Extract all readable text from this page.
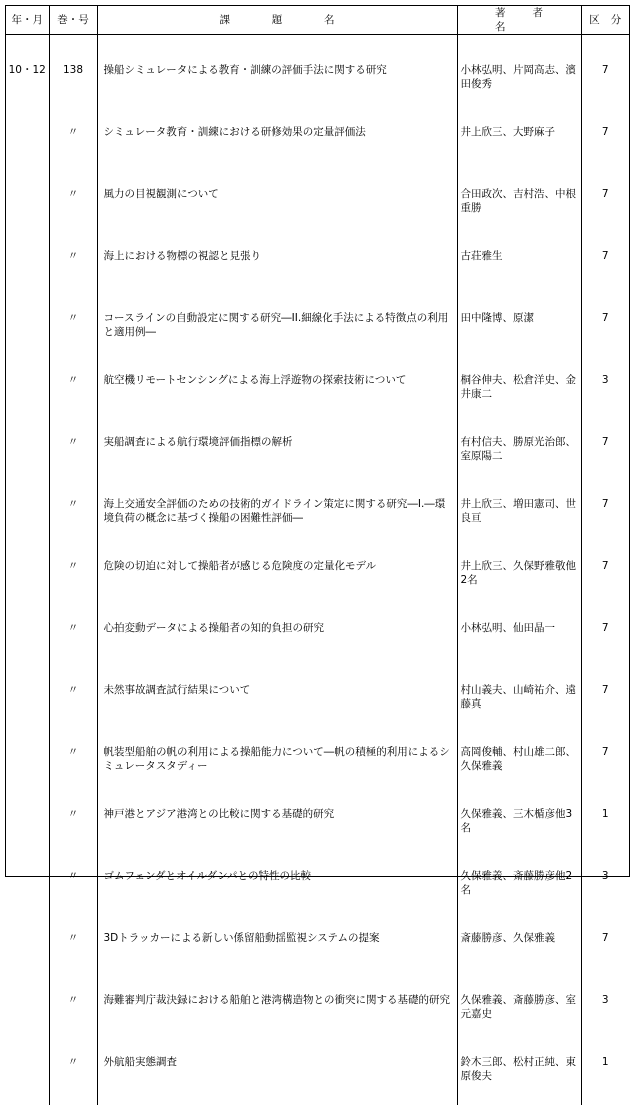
年・月	巻・号	課　題　名	著　者　名	区　分

10・12	138	操船シミュレータによる教育・訓練の評価手法に関する研究	小林弘明、片岡高志、濱田俊秀	7
	〃	シミュレータ教育・訓練における研修効果の定量評価法	井上欣三、大野麻子	7
	〃	風力の目視観測について	合田政次、吉村浩、中根重勝	7
	〃	海上における物標の視認と見張り	古荘雅生	7
	〃	コースラインの自動設定に関する研究―II.細線化手法による特徴点の利用と適用例―	田中隆博、原潔	7
	〃	航空機リモートセンシングによる海上浮遊物の探索技術について	桐谷伸夫、松倉洋史、金井康二	3
	〃	実船調査による航行環境評価指標の解析	有村信夫、勝原光治郎、室原陽二	7
	〃	海上交通安全評価のための技術的ガイドライン策定に関する研究―I.―環境負荷の概念に基づく操船の困難性評価―	井上欣三、増田憲司、世良亘	7
	〃	危険の切迫に対して操船者が感じる危険度の定量化モデル	井上欣三、久保野雅敬他2名	7
	〃	心拍変動データによる操船者の知的負担の研究	小林弘明、仙田晶一	7
	〃	未然事故調査試行結果について	村山義夫、山崎祐介、遠藤真	7
	〃	帆装型船舶の帆の利用による操船能力について―帆の積極的利用によるシミュレータスタディー	高岡俊輔、村山雄二郎、久保雅義	7
	〃	神戸港とアジア港湾との比較に関する基礎的研究	久保雅義、三木楯彦他3名	1
	〃	ゴムフェンダとオイルダンパとの特性の比較	久保雅義、斎藤勝彦他2名	3
	〃	3Dトラッカーによる新しい係留船動揺監視システムの提案	斎藤勝彦、久保雅義	7
	〃	海難審判庁裁決録における船舶と港湾構造物との衝突に関する基礎的研究	久保雅義、斎藤勝彦、室元嘉史	3
	〃	外航船実態調査	鈴木三郎、松村正純、東原俊夫	1
